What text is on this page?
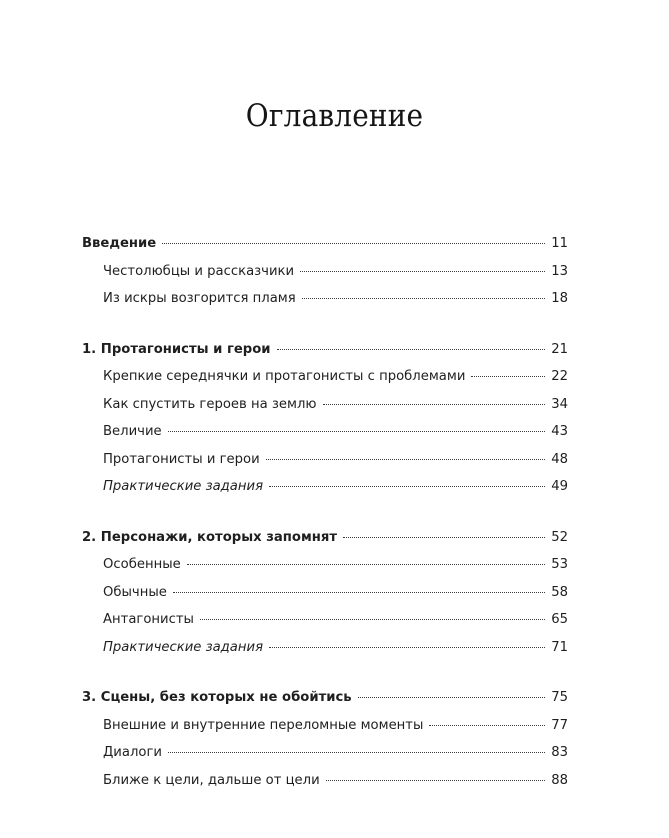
Оглавление
Введение	11
Честолюбцы и рассказчики	13
Из искры возгорится пламя	18
1. Протагонисты и герои	21
Крепкие середнячки и протагонисты с проблемами	22
Как спустить героев на землю	34
Величие	43
Протагонисты и герои	48
Практические задания	49
2. Персонажи, которых запомнят	52
Особенные	53
Обычные	58
Антагонисты	65
Практические задания	71
3. Сцены, без которых не обойтись	75
Внешние и внутренние переломные моменты	77
Диалоги	83
Ближе к цели, дальше от цели	88
